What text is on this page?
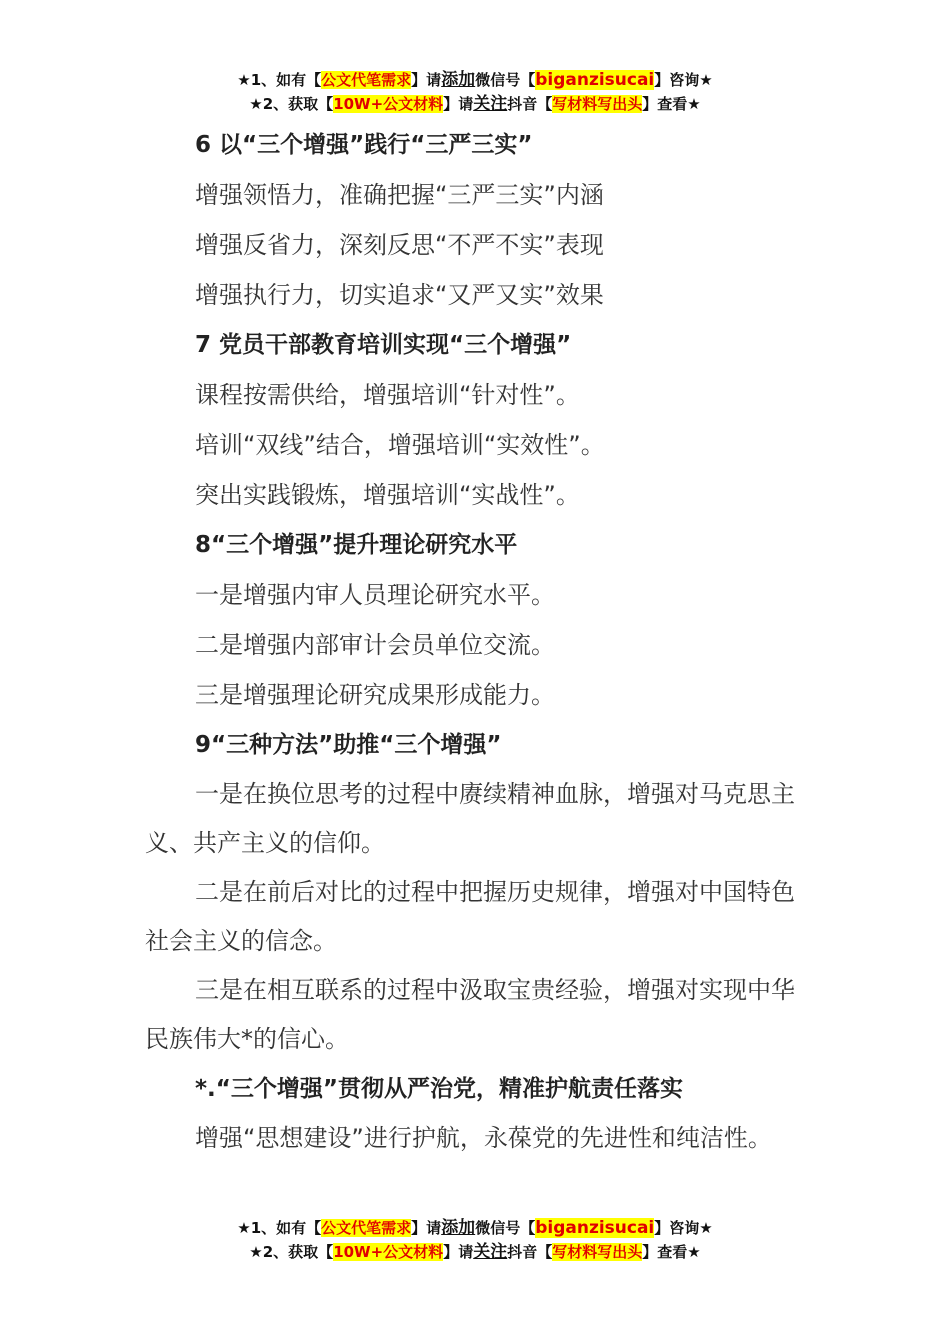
★1、如有【公文代笔需求】请添加微信号【biganzisucai】咨询★
★2、获取【10W+公文材料】请关注抖音【写材料写出头】查看★

6 以“三个增强”践行“三严三实”

增强领悟力，准确把握“三严三实”内涵

增强反省力，深刻反思“不严不实”表现

增强执行力，切实追求“又严又实”效果

7 党员干部教育培训实现“三个增强”

课程按需供给，增强培训“针对性”。

培训“双线”结合，增强培训“实效性”。

突出实践锻炼，增强培训“实战性”。

8“三个增强”提升理论研究水平

一是增强内审人员理论研究水平。

二是增强内部审计会员单位交流。

三是增强理论研究成果形成能力。

9“三种方法”助推“三个增强”

一是在换位思考的过程中赓续精神血脉，增强对马克思主义、共产主义的信仰。

二是在前后对比的过程中把握历史规律，增强对中国特色社会主义的信念。

三是在相互联系的过程中汲取宝贵经验，增强对实现中华民族伟大*的信心。

*.“三个增强”贯彻从严治党，精准护航责任落实

增强“思想建设”进行护航，永葆党的先进性和纯洁性。

★1、如有【公文代笔需求】请添加微信号【biganzisucai】咨询★
★2、获取【10W+公文材料】请关注抖音【写材料写出头】查看★
